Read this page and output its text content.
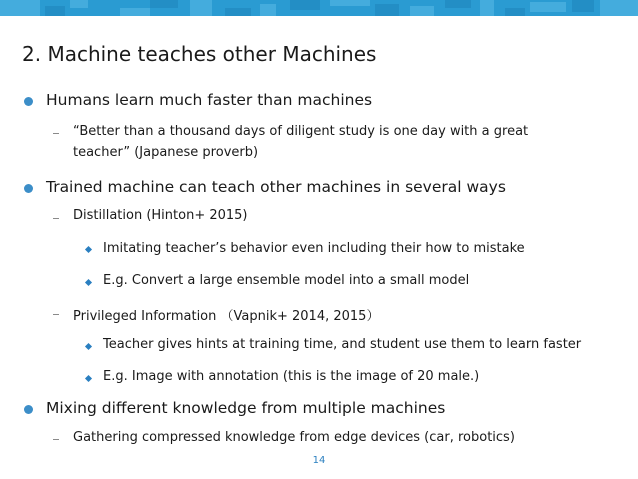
2. Machine teaches other Machines
Humans learn much faster than machines
“Better than a thousand days of diligent study is one day with a great
teacher” (Japanese proverb)
Trained machine can teach other machines in several ways
Distillation (Hinton+ 2015)
Imitating teacher’s behavior even including their how to mistake
E.g. Convert a large ensemble model into a small model
Privileged Information （Vapnik+ 2014, 2015）
Teacher gives hints at training time, and student use them to learn faster
E.g. Image with annotation (this is the image of 20 male.)
Mixing different knowledge from multiple machines
Gathering compressed knowledge from edge devices (car, robotics)
14
